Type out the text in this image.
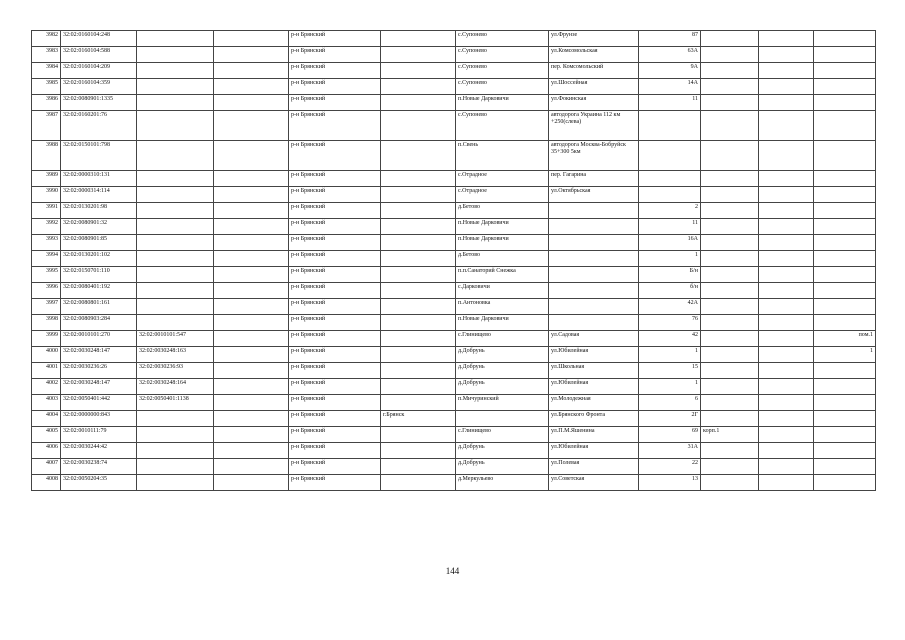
3982	32:02:0160104:248			р-н Брянский		с.Супонево	ул.Фрунзе	87			
3983	32:02:0160104:588			р-н Брянский		с.Супонево	ул.Комсомольская	63А			
3984	32:02:0160104:209			р-н Брянский		с.Супонево	пер. Комсомольский	9А			
3985	32:02:0160104:359			р-н Брянский		с.Супонево	ул.Шоссейная	14А			
3986	32:02:0080901:1335			р-н Брянский		п.Новые Дарковичи	ул.Фокинская	11			
3987	32:02:0160201:76			р-н Брянский		с.Супонево	автодорога Украина 112 км +250(слева)				
3988	32:02:0150101:798			р-н Брянский		п.Свень	автодорога Москва-Бобруйск 35+300 5км				
3989	32:02:0000310:131			р-н Брянский		с.Отрадное	пер. Гагарина				
3990	32:02:0000314:114			р-н Брянский		с.Отрадное	ул.Октябрьская				
3991	32:02:0130201:98			р-н Брянский		д.Бетово		2			
3992	32:02:0080901:32			р-н Брянский		п.Новые Дарковичи		11			
3993	32:02:0080901:85			р-н Брянский		п.Новые Дарковичи		16А			
3994	32:02:0130201:102			р-н Брянский		д.Бетово		1			
3995	32:02:0150701:110			р-н Брянский		п.п.Санаторий Снежка		Б/н			
3996	32:02:0080401:192			р-н Брянский		с.Дарковичи		б/н			
3997	32:02:0080801:161			р-н Брянский		п.Антоновка		42А			
3998	32:02:0080903:284			р-н Брянский		п.Новые Дарковичи		76			
3999	32:02:0010101:270	32:02:0010101:547		р-н Брянский		с.Глинищево	ул.Садовая	42			пом.1
4000	32:02:0030248:147	32:02:0030248:163		р-н Брянский		д.Добрунь	ул.Юбилейная	1			1
4001	32:02:0030236:26	32:02:0030236:93		р-н Брянский		д.Добрунь	ул.Школьная	15			
4002	32:02:0030248:147	32:02:0030248:164		р-н Брянский		д.Добрунь	ул.Юбилейная	1			
4003	32:02:0050401:442	32:02:0050401:1138		р-н Брянский		п.Мичуринский	ул.Молодежная	6			
4004	32:02:0000000:843			р-н Брянский	г.Брянск		ул.Брянского Фронта	2Г			
4005	32:02:0010111:79			р-н Брянский		с.Глинищево	ул.П.М.Яшенина	69	корп.1		
4006	32:02:0030244:42			р-н Брянский		д.Добрунь	ул.Юбилейная	31А			
4007	32:02:0030238:74			р-н Брянский		д.Добрунь	ул.Полевая	22			
4008	32:02:0050204:35			р-н Брянский		д.Меркульево	ул.Советская	13			
144
